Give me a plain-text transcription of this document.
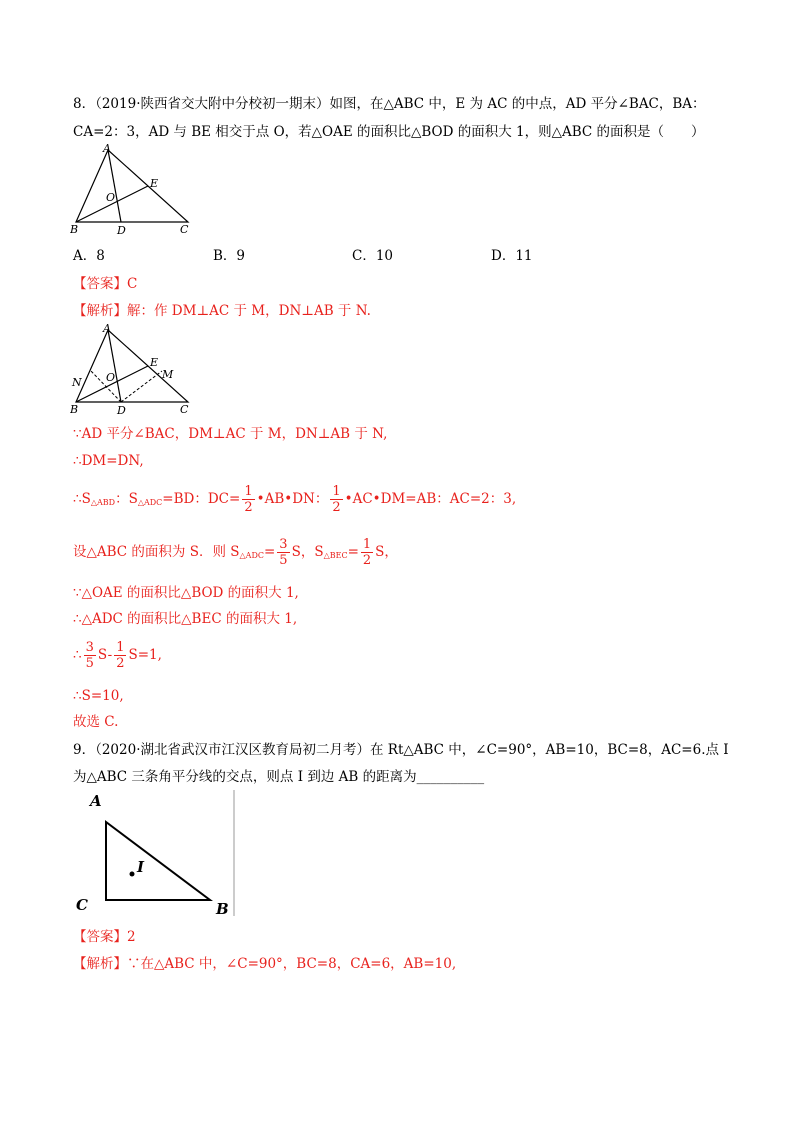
8．（2019·陕西省交大附中分校初一期末）如图，在△ABC 中，E 为 AC 的中点，AD 平分∠BAC，BA：
CA=2：3，AD 与 BE 相交于点 O，若△OAE 的面积比△BOD 的面积大 1，则△ABC 的面积是（　　）
A
B	C
D
E
O
A．8	B．9	C．10	D．11
【答案】C
【解析】解：作 DM⊥AC 于 M，DN⊥AB 于 N.
A
B	C
D
E
O	M
N
∵AD 平分∠BAC，DM⊥AC 于 M，DN⊥AB 于 N,
∴DM=DN,
$\therefore S_{\triangle ABD}$：$S_{\triangle ADC}=BD$：$DC= \frac{1}{2}$ •AB•DN： $\frac{1}{2}$ •AC•DM=AB：AC=2：3,
设△ABC 的面积为 S．则 $S_{\triangle ADC}= \frac{3}{5}$ S，$S_{\triangle BEC}= \frac{1}{2}$ S，
∵△OAE 的面积比△BOD 的面积大 1,
∴△ADC 的面积比△BEC 的面积大 1,
∴ $\frac{3}{5} S- \frac{1}{2} S=1$,
∴S=10,
故选 C.
9．（2020·湖北省武汉市江汉区教育局初二月考）在 Rt△ABC 中，∠C=90°，AB=10，BC=8，AC=6.点 I
为△ABC 三条角平分线的交点，则点 I 到边 AB 的距离为__________
A
C	B
I
【答案】2
【解析】∵在△ABC 中，∠C=90°，BC=8，CA=6，AB=10,
